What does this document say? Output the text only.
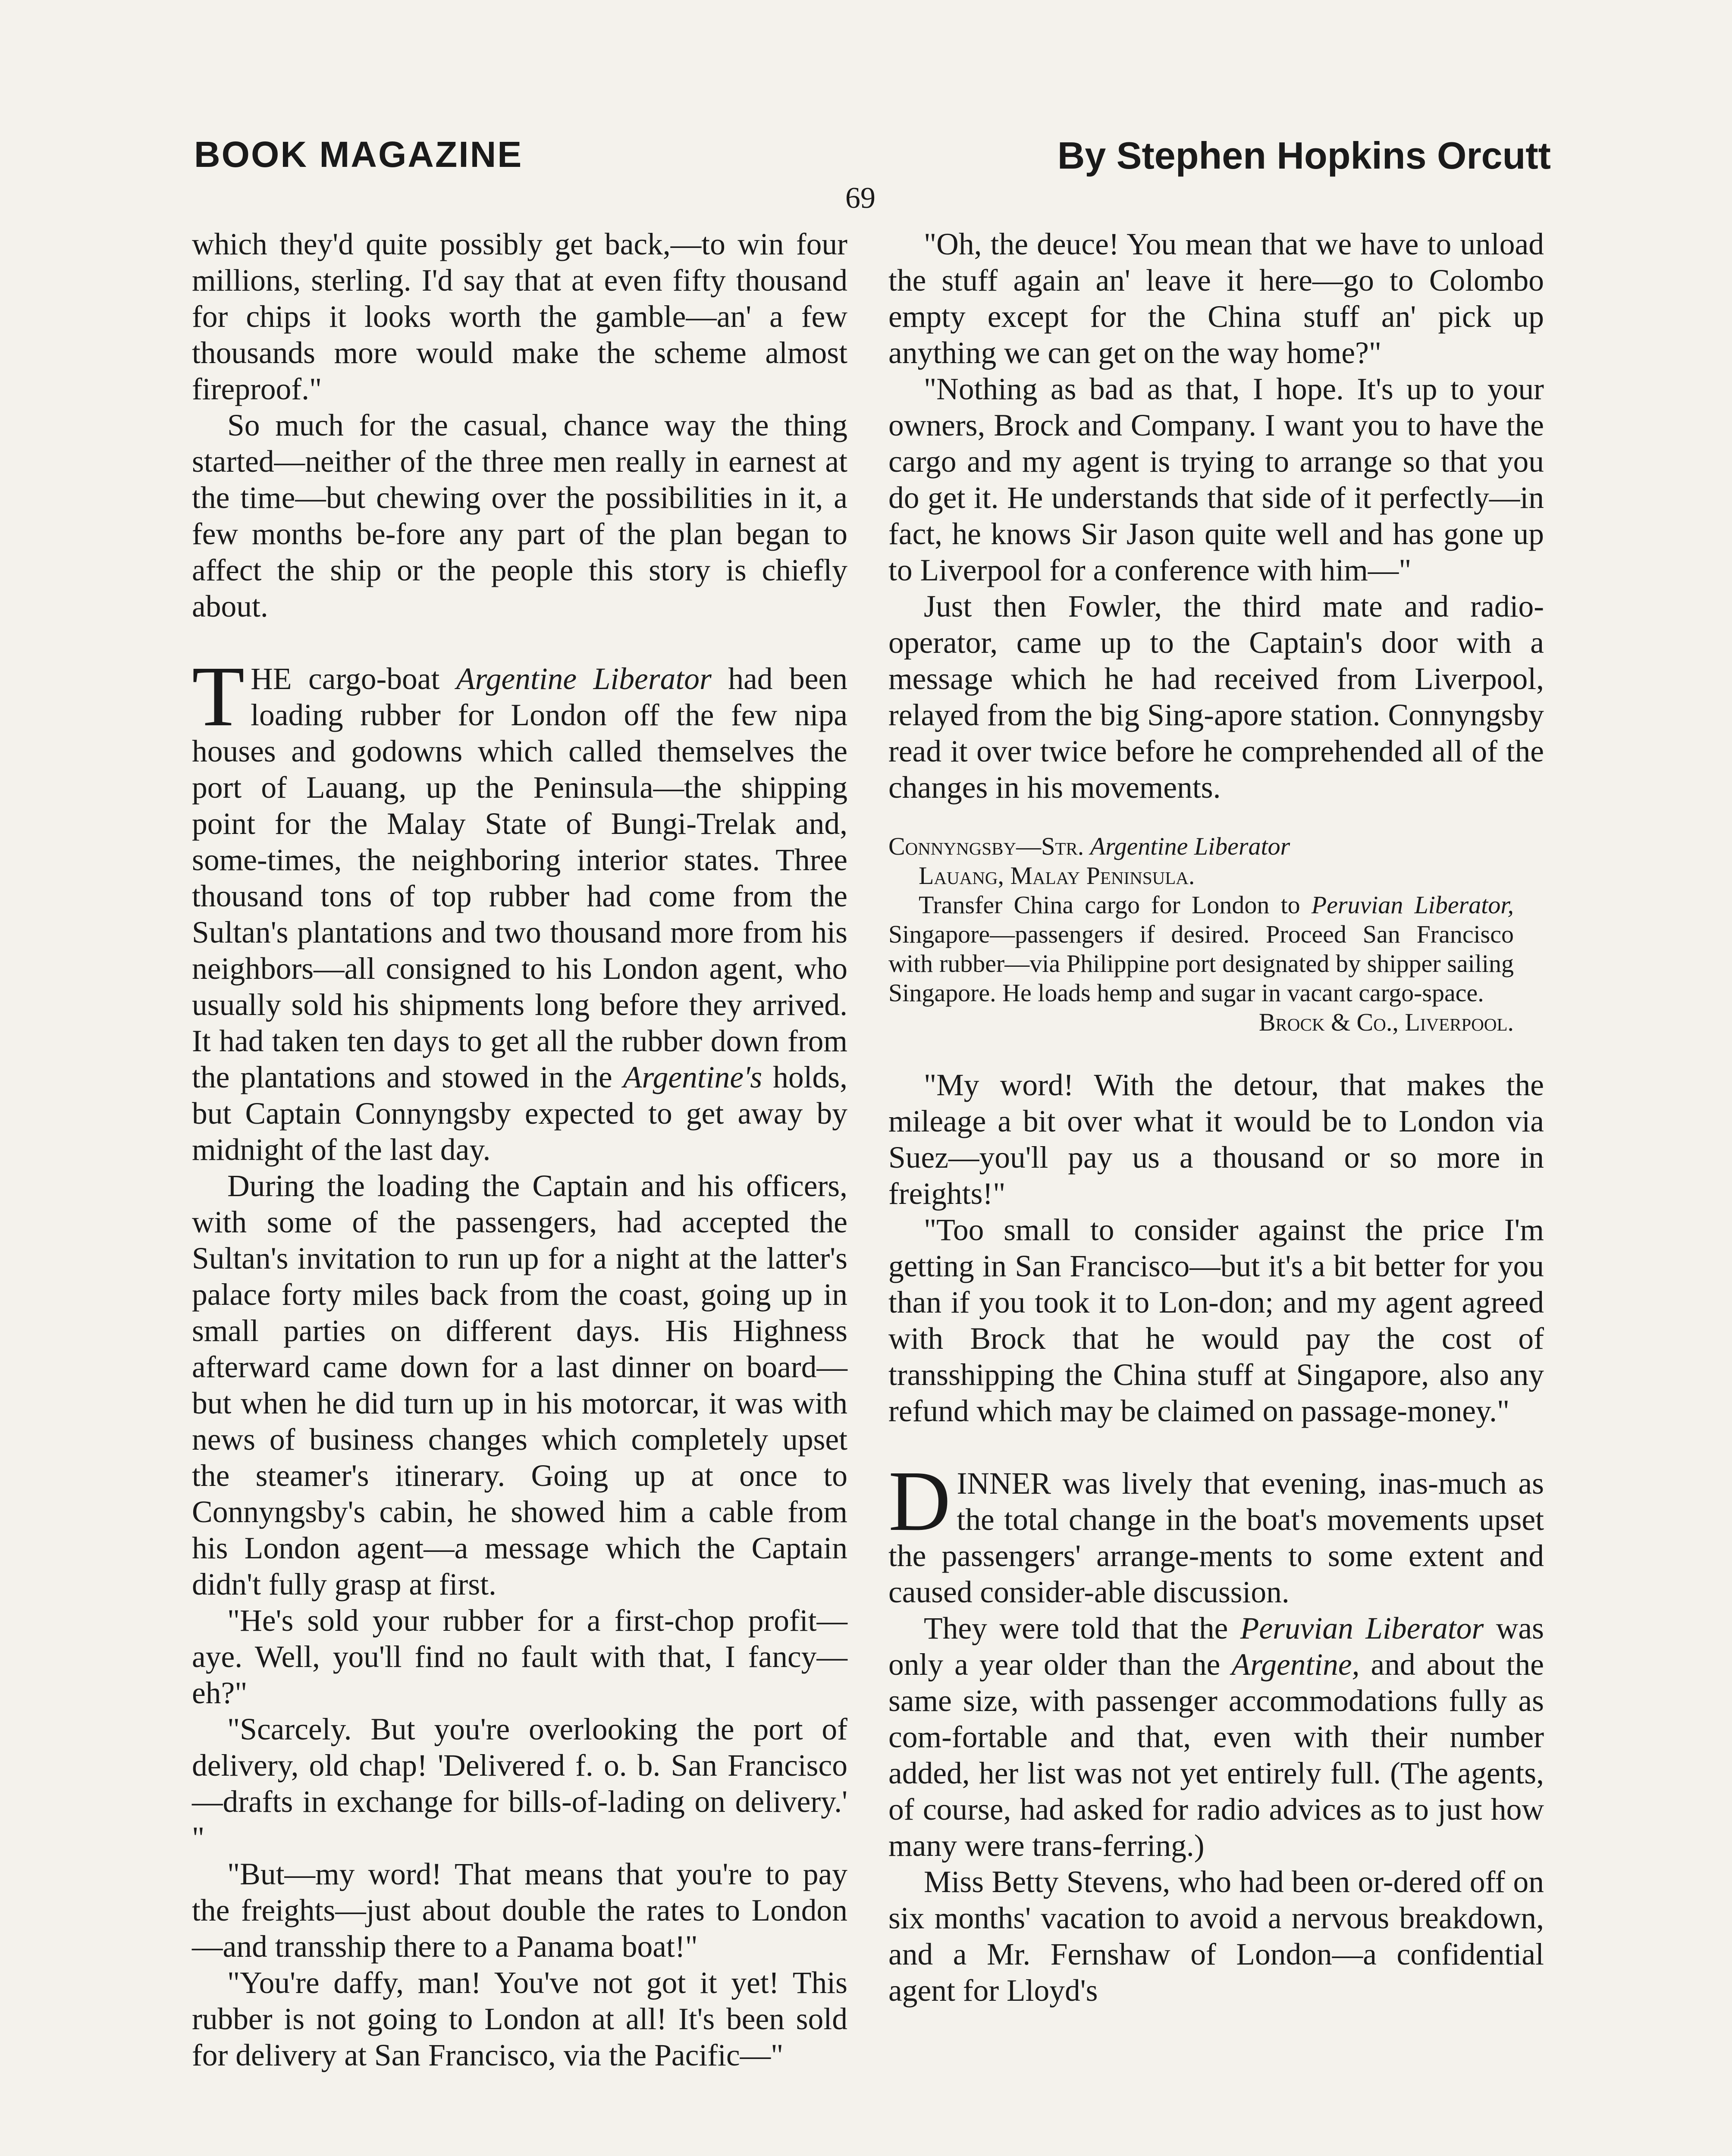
BOOK MAGAZINE	By Stephen Hopkins Orcutt
69

which they'd quite possibly get back,—to win four millions, sterling. I'd say that at even fifty thousand for chips it looks worth the gamble—an' a few thousands more would make the scheme almost fireproof."

So much for the casual, chance way the thing started—neither of the three men really in earnest at the time—but chewing over the possibilities in it, a few months be-fore any part of the plan began to affect the ship or the people this story is chiefly about.

THE cargo-boat Argentine Liberator had been loading rubber for London off the few nipa houses and godowns which called themselves the port of Lauang, up the Peninsula—the shipping point for the Malay State of Bungi-Trelak and, some-times, the neighboring interior states. Three thousand tons of top rubber had come from the Sultan's plantations and two thousand more from his neighbors—all consigned to his London agent, who usually sold his shipments long before they arrived. It had taken ten days to get all the rubber down from the plantations and stowed in the Argentine's holds, but Captain Connyngsby expected to get away by midnight of the last day.

During the loading the Captain and his officers, with some of the passengers, had accepted the Sultan's invitation to run up for a night at the latter's palace forty miles back from the coast, going up in small parties on different days. His Highness afterward came down for a last dinner on board—but when he did turn up in his motorcar, it was with news of business changes which completely upset the steamer's itinerary. Going up at once to Connyngsby's cabin, he showed him a cable from his London agent—a message which the Captain didn't fully grasp at first.

"He's sold your rubber for a first-chop profit—aye. Well, you'll find no fault with that, I fancy—eh?"

"Scarcely. But you're overlooking the port of delivery, old chap! 'Delivered f. o. b. San Francisco—drafts in exchange for bills-of-lading on delivery.' "

"But—my word! That means that you're to pay the freights—just about double the rates to London—and transship there to a Panama boat!"

"You're daffy, man! You've not got it yet! This rubber is not going to London at all! It's been sold for delivery at San Francisco, via the Pacific—"

"Oh, the deuce! You mean that we have to unload the stuff again an' leave it here—go to Colombo empty except for the China stuff an' pick up anything we can get on the way home?"

"Nothing as bad as that, I hope. It's up to your owners, Brock and Company. I want you to have the cargo and my agent is trying to arrange so that you do get it. He understands that side of it perfectly—in fact, he knows Sir Jason quite well and has gone up to Liverpool for a conference with him—"

Just then Fowler, the third mate and radio-operator, came up to the Captain's door with a message which he had received from Liverpool, relayed from the big Sing-apore station. Connyngsby read it over twice before he comprehended all of the changes in his movements.

Connyngsby—Str. Argentine Liberator
Lauang, Malay Peninsula.
Transfer China cargo for London to Peruvian Liberator, Singapore—passengers if desired. Proceed San Francisco with rubber—via Philippine port designated by shipper sailing Singapore. He loads hemp and sugar in vacant cargo-space.
Brock & Co., Liverpool.

"My word! With the detour, that makes the mileage a bit over what it would be to London via Suez—you'll pay us a thousand or so more in freights!"

"Too small to consider against the price I'm getting in San Francisco—but it's a bit better for you than if you took it to Lon-don; and my agent agreed with Brock that he would pay the cost of transshipping the China stuff at Singapore, also any refund which may be claimed on passage-money."

DINNER was lively that evening, inas-much as the total change in the boat's movements upset the passengers' arrange-ments to some extent and caused consider-able discussion.

They were told that the Peruvian Liberator was only a year older than the Argentine, and about the same size, with passenger accommodations fully as com-fortable and that, even with their number added, her list was not yet entirely full. (The agents, of course, had asked for radio advices as to just how many were trans-ferring.)

Miss Betty Stevens, who had been or-dered off on six months' vacation to avoid a nervous breakdown, and a Mr. Fernshaw of London—a confidential agent for Lloyd's
